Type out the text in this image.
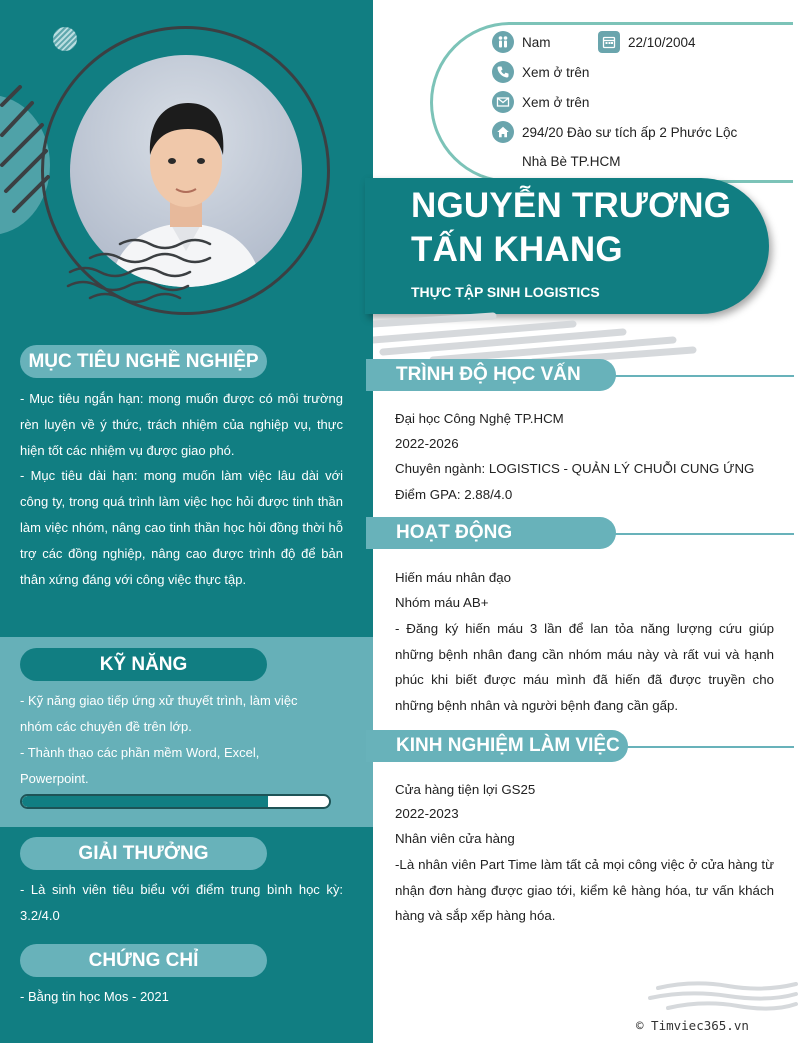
MỤC TIÊU NGHỀ NGHIỆP
- Mục tiêu ngắn hạn: mong muốn được có môi trường rèn luyện về ý thức, trách nhiệm của nghiệp vụ, thực hiện tốt các nhiệm vụ được giao phó.
- Mục tiêu dài hạn: mong muốn làm việc lâu dài với công ty, trong quá trình làm việc học hỏi được tinh thần làm việc nhóm, nâng cao tinh thần học hỏi đồng thời hỗ trợ các đồng nghiệp, nâng cao được trình độ để bản thân xứng đáng với công việc thực tập.
KỸ NĂNG
- Kỹ năng giao tiếp ứng xử thuyết trình, làm việc nhóm các chuyên đề trên lớp.
- Thành thạo các phần mềm Word, Excel, Powerpoint.
GIẢI THƯỞNG
- Là sinh viên tiêu biểu với điểm trung bình học kỳ: 3.2/4.0
CHỨNG CHỈ
- Bằng tin học Mos - 2021
Nam	22/10/2004
Xem ở trên
Xem ở trên
294/20 Đào sư tích ấp 2 Phước Lộc
Nhà Bè TP.HCM
NGUYỄN TRƯƠNG
TẤN KHANG
THỰC TẬP SINH LOGISTICS
TRÌNH ĐỘ HỌC VẤN
Đại học Công Nghệ TP.HCM
2022-2026
Chuyên ngành: LOGISTICS - QUẢN LÝ CHUỖI CUNG ỨNG
Điểm GPA: 2.88/4.0
HOẠT ĐỘNG
Hiến máu nhân đạo
Nhóm máu AB+
- Đăng ký hiến máu 3 lần để lan tỏa năng lượng cứu giúp những bệnh nhân đang cần nhóm máu này và rất vui và hạnh phúc khi biết được máu mình đã hiến đã được truyền cho những bệnh nhân và người bệnh đang cần gấp.
KINH NGHIỆM LÀM VIỆC
Cửa hàng tiện lợi GS25
2022-2023
Nhân viên cửa hàng
-Là nhân viên Part Time làm tất cả mọi công việc ở cửa hàng từ nhận đơn hàng được giao tới, kiểm kê hàng hóa, tư vấn khách hàng và sắp xếp hàng hóa.
© Timviec365.vn
